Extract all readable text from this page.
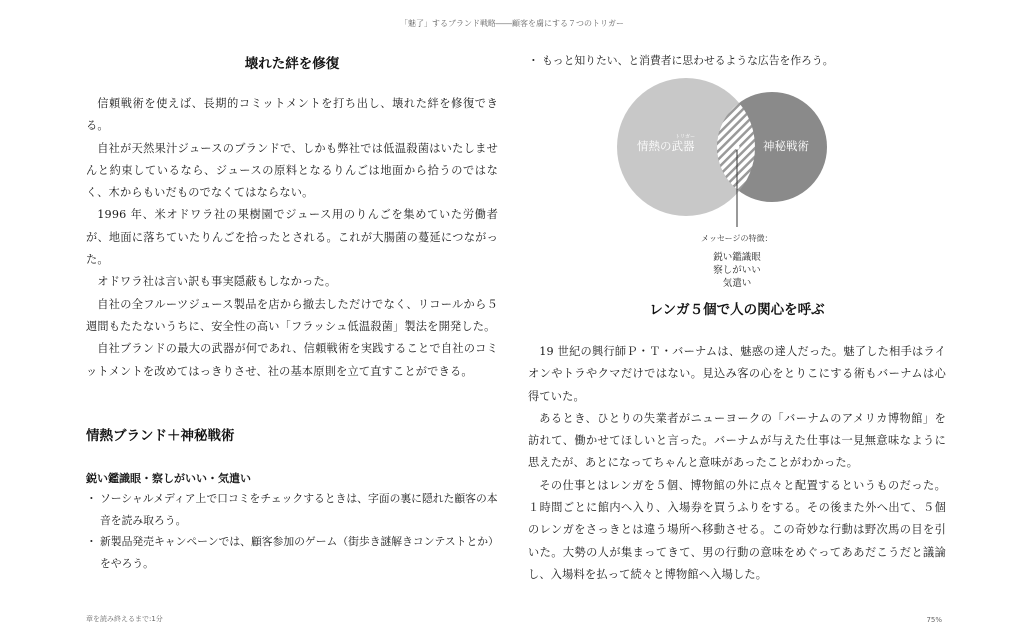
「魅了」するブランド戦略――顧客を虜にする７つのトリガー
壊れた絆を修復

信頼戦術を使えば、長期的コミットメントを打ち出し、壊れた絆を修復できる。

自社が天然果汁ジュースのブランドで、しかも弊社では低温殺菌はいたしませんと約束しているなら、ジュースの原料となるりんごは地面から拾うのではなく、木からもいだものでなくてはならない。

1996 年、米オドワラ社の果樹園でジュース用のりんごを集めていた労働者が、地面に落ちていたりんごを拾ったとされる。これが大腸菌の蔓延につながった。

オドワラ社は言い訳も事実隠蔽もしなかった。

自社の全フルーツジュース製品を店から撤去しただけでなく、リコールから５週間もたたないうちに、安全性の高い「フラッシュ低温殺菌」製法を開発した。

自社ブランドの最大の武器が何であれ、信頼戦術を実践することで自社のコミットメントを改めてはっきりさせ、社の基本原則を立て直すことができる。

情熱ブランド＋神秘戦術

鋭い鑑識眼・察しがいい・気遣い

・ ソーシャルメディア上で口コミをチェックするときは、字面の裏に隠れた顧客の本音を読み取ろう。

・ 新製品発売キャンペーンでは、顧客参加のゲーム（街歩き謎解きコンテストとか）をやろう。

章を読み終えるまで:1分

・ もっと知りたい、と消費者に思わせるような広告を作ろう。

トリガー
情熱の武器	神秘戦術
メッセージの特徴：
鋭い鑑識眼
察しがいい
気遣い
レンガ５個で人の関心を呼ぶ

19 世紀の興行師Ｐ・Ｔ・バーナムは、魅惑の達人だった。魅了した相手はライオンやトラやクマだけではない。見込み客の心をとりこにする術もバーナムは心得ていた。

あるとき、ひとりの失業者がニューヨークの「バーナムのアメリカ博物館」を訪れて、働かせてほしいと言った。バーナムが与えた仕事は一見無意味なように思えたが、あとになってちゃんと意味があったことがわかった。

その仕事とはレンガを５個、博物館の外に点々と配置するというものだった。１時間ごとに館内へ入り、入場券を買うふりをする。その後また外へ出て、５個のレンガをさっきとは違う場所へ移動させる。この奇妙な行動は野次馬の目を引いた。大勢の人が集まってきて、男の行動の意味をめぐってああだこうだと議論し、入場料を払って続々と博物館へ入場した。

75%
